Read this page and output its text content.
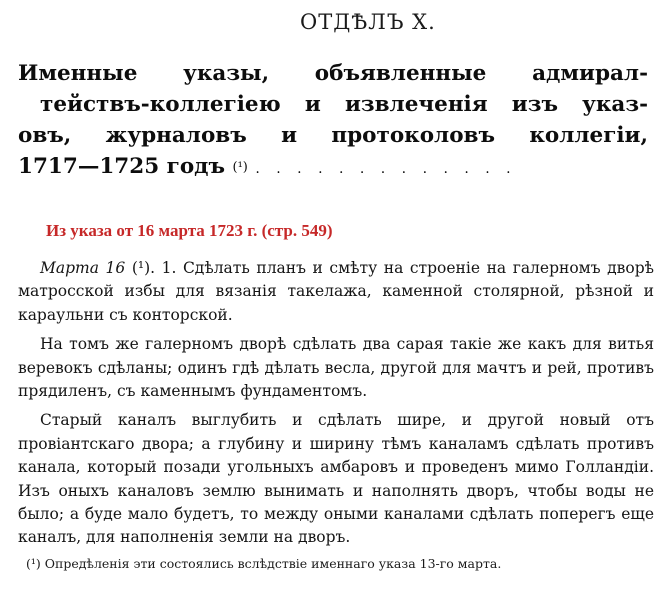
ОТДѢЛЪ X.
Именные указы, объявленные адмирал-
тействъ-коллегіею и извлеченія изъ указ-
овъ, журналовъ и протоколовъ коллегіи,
1717—1725 годъ (¹) . . . . . . . . . . . . .
Из указа от 16 марта 1723 г. (стр. 549)

Марта 16 (¹). 1. Сдѣлать планъ и смѣту на строеніе на галерномъ дворѣ матросской избы для вязанія такелажа, каменной столярной, рѣзной и караульни съ конторской.

На томъ же галерномъ дворѣ сдѣлать два сарая такіе же какъ для витья веревокъ сдѣланы; одинъ гдѣ дѣлать весла, другой для мачтъ и рей, противъ прядиленъ, съ каменнымъ фундаментомъ.

Старый каналъ выглубить и сдѣлать шире, и другой новый отъ провіантскаго двора; а глубину и ширину тѣмъ каналамъ сдѣлать противъ канала, который позади угольныхъ амбаровъ и проведенъ мимо Голландіи. Изъ оныхъ каналовъ землю вынимать и наполнять дворъ, чтобы воды не было; а буде мало будетъ, то между оными каналами сдѣлать поперегъ еще каналъ, для наполненія земли на дворъ.

(¹) Опредѣленія эти состоялись вслѣдствіе именнаго указа 13-го марта.
